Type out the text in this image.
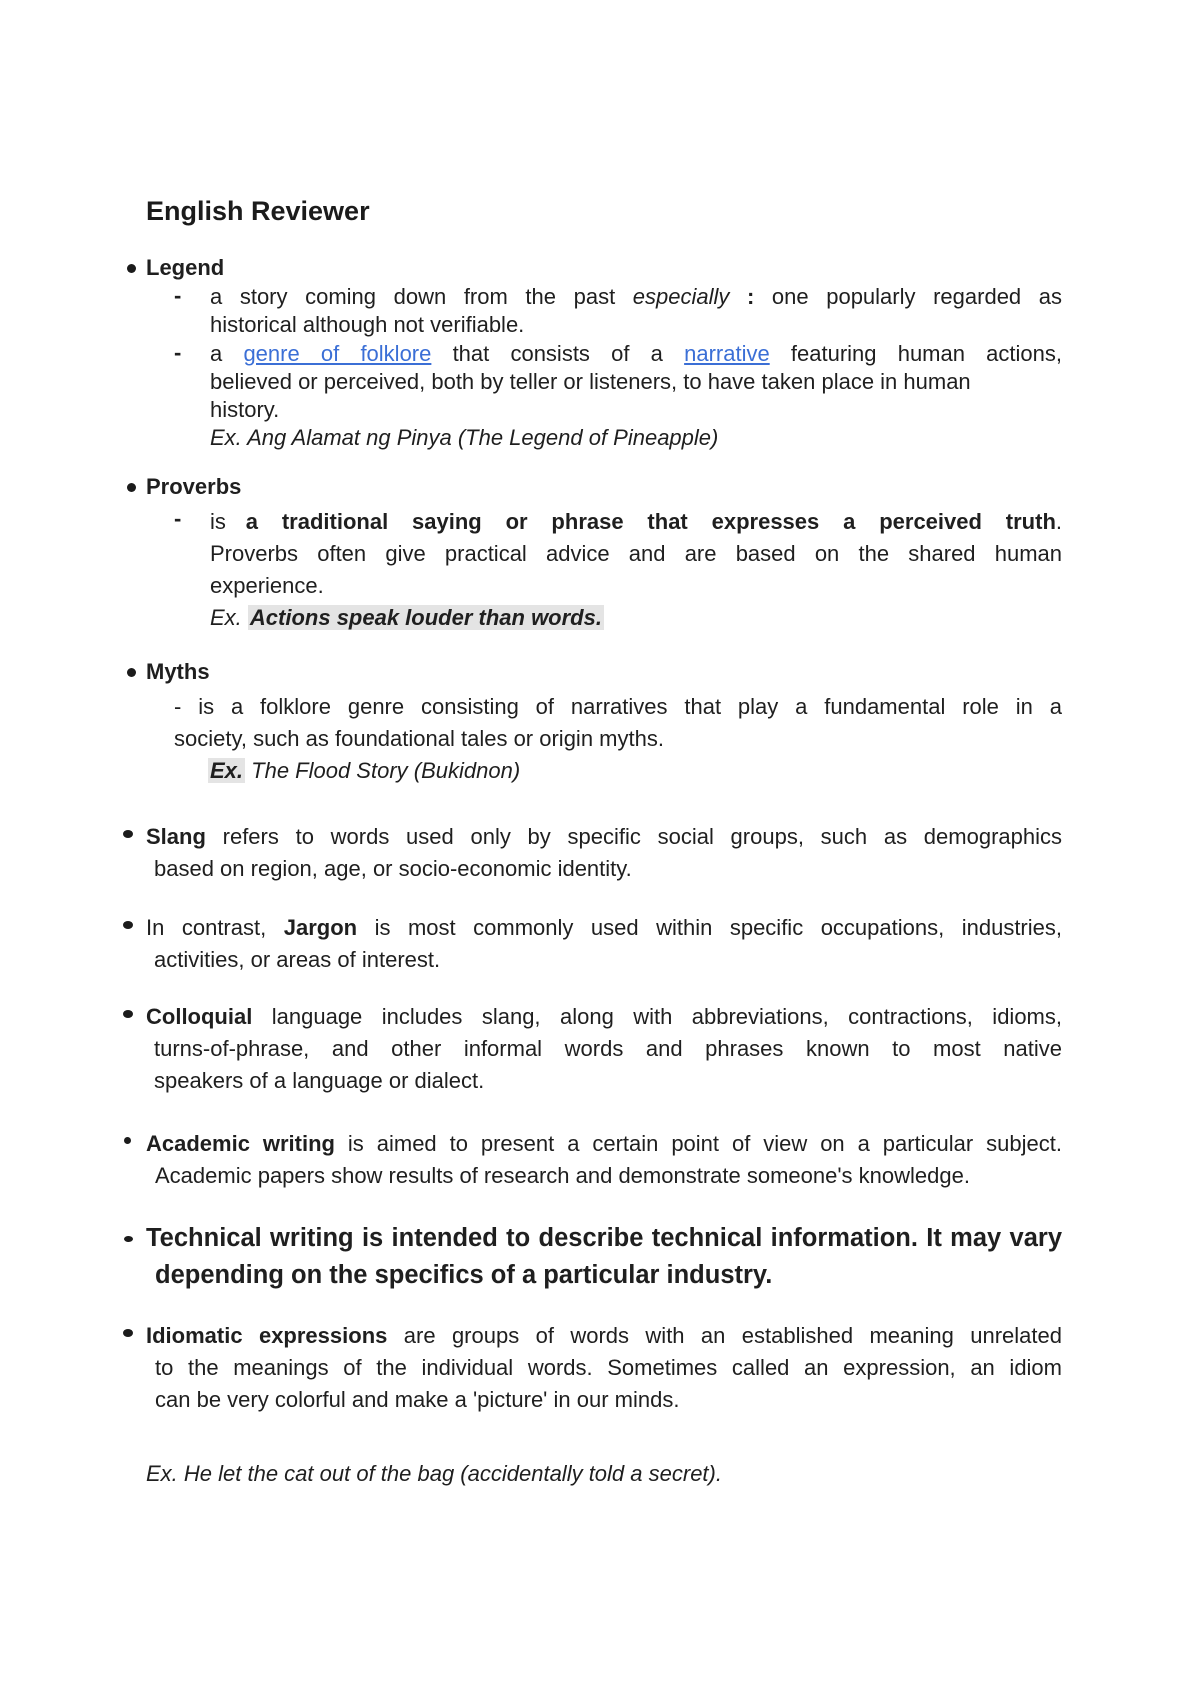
English Reviewer
Legend
- a story coming down from the past especially : one popularly regarded as
historical although not verifiable.
- a genre of folklore that consists of a narrative featuring human actions,
believed or perceived, both by teller or listeners, to have taken place in human
history.
Ex. Ang Alamat ng Pinya (The Legend of Pineapple)
Proverbs
- is a traditional saying or phrase that expresses a perceived truth.
Proverbs often give practical advice and are based on the shared human
experience.
Ex. Actions speak louder than words.
Myths
- is a folklore genre consisting of narratives that play a fundamental role in a
society, such as foundational tales or origin myths.
Ex. The Flood Story (Bukidnon)
Slang refers to words used only by specific social groups, such as demographics
based on region, age, or socio-economic identity.
In contrast, Jargon is most commonly used within specific occupations, industries,
activities, or areas of interest.
Colloquial language includes slang, along with abbreviations, contractions, idioms,
turns-of-phrase, and other informal words and phrases known to most native
speakers of a language or dialect.
Academic writing is aimed to present a certain point of view on a particular subject.
Academic papers show results of research and demonstrate someone's knowledge.
Technical writing is intended to describe technical information. It may vary
depending on the specifics of a particular industry.
Idiomatic expressions are groups of words with an established meaning unrelated
to the meanings of the individual words. Sometimes called an expression, an idiom
can be very colorful and make a 'picture' in our minds.
Ex. He let the cat out of the bag (accidentally told a secret).
